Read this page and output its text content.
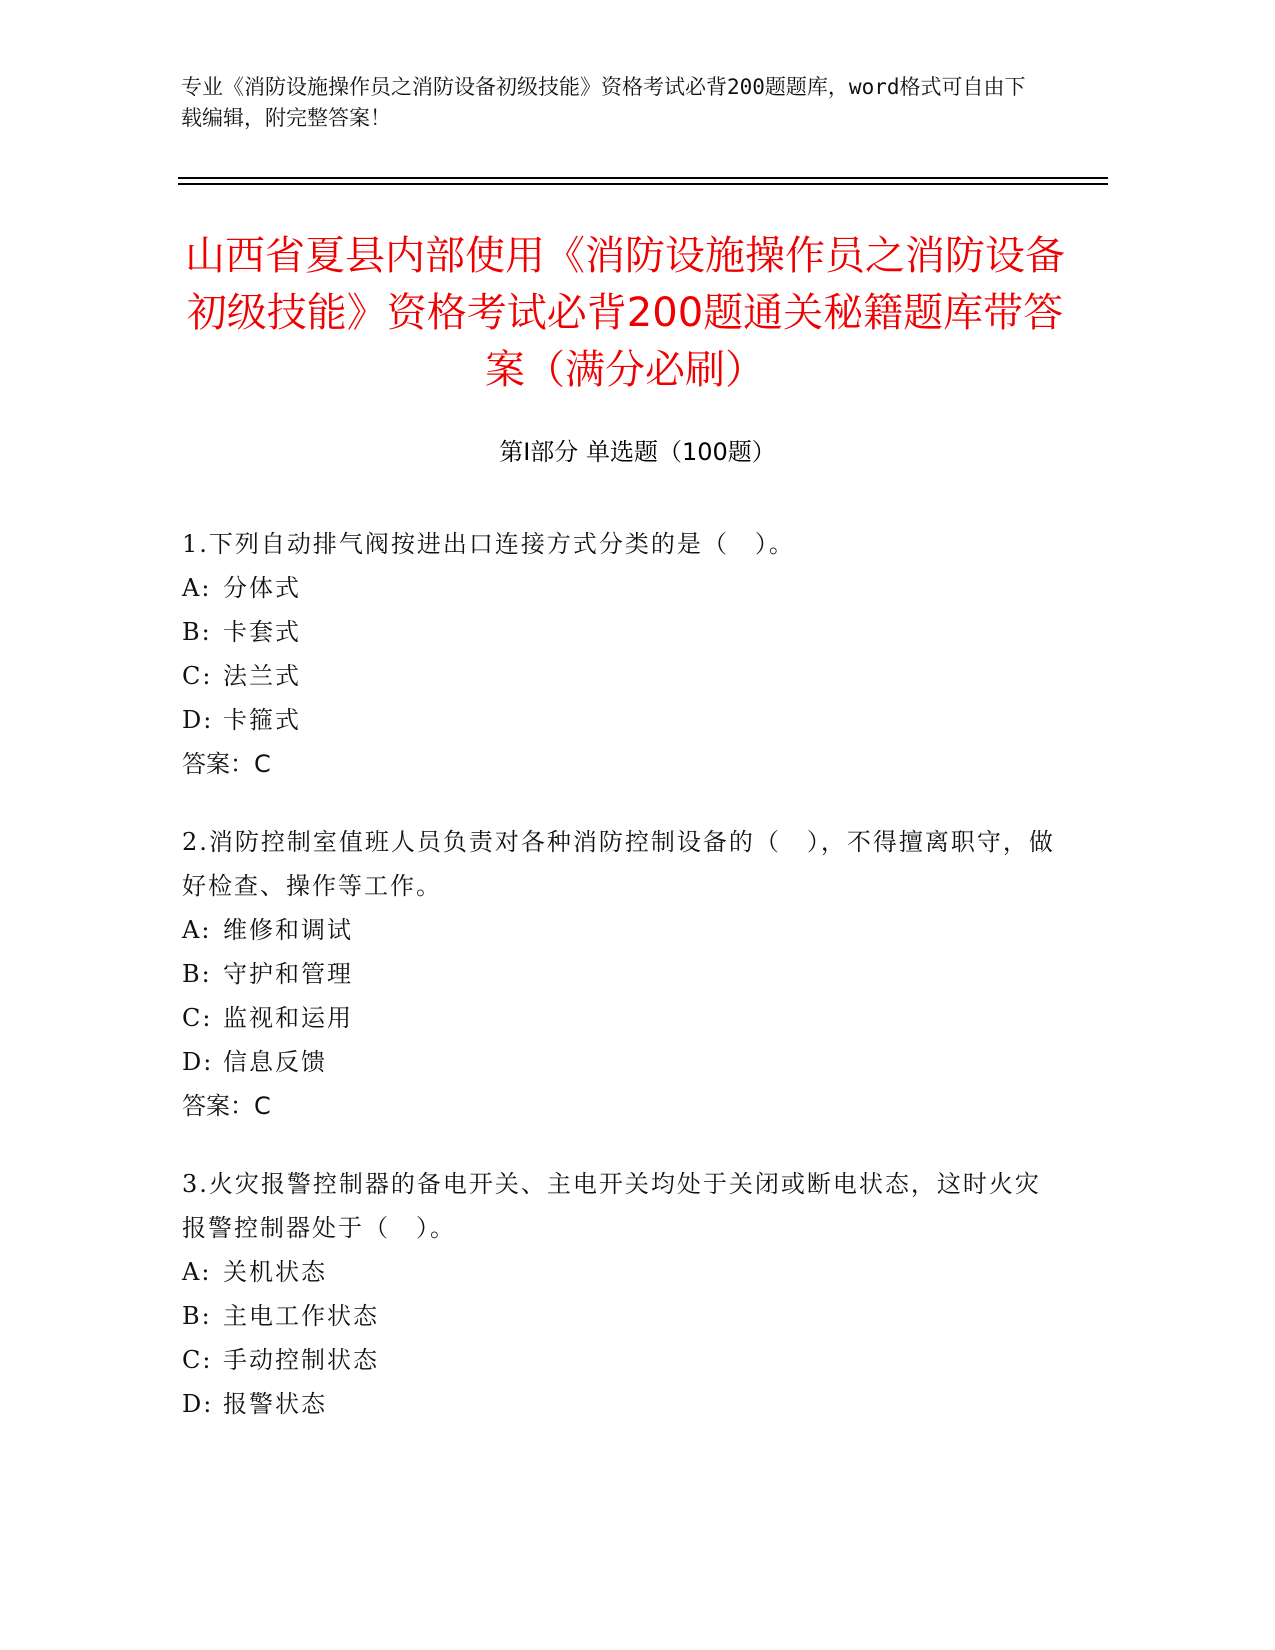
专业《消防设施操作员之消防设备初级技能》资格考试必背200题题库，word格式可自由下载编辑，附完整答案！
山西省夏县内部使用《消防设施操作员之消防设备初级技能》资格考试必背200题通关秘籍题库带答案（满分必刷）
第Ⅰ部分 单选题（100题）

1.下列自动排气阀按进出口连接方式分类的是（　）。

A: 分体式

B: 卡套式

C: 法兰式

D: 卡箍式

答案：C

2.消防控制室值班人员负责对各种消防控制设备的（　），不得擅离职守，做好检查、操作等工作。

A: 维修和调试

B: 守护和管理

C: 监视和运用

D: 信息反馈

答案：C

3.火灾报警控制器的备电开关、主电开关均处于关闭或断电状态，这时火灾报警控制器处于（　）。

A: 关机状态

B: 主电工作状态

C: 手动控制状态

D: 报警状态
